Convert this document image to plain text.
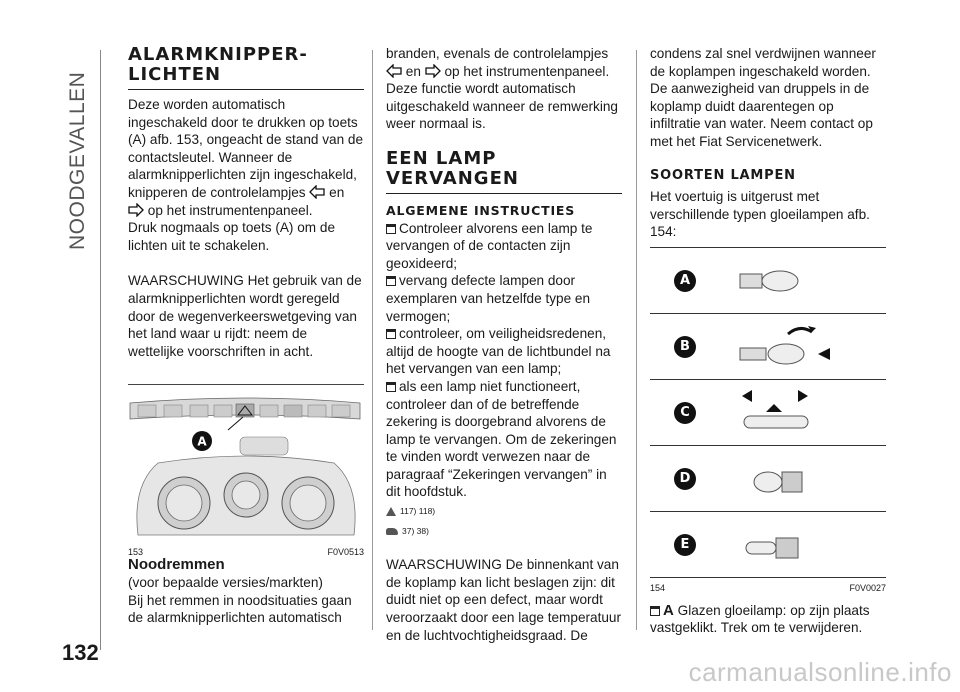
NOODGEVALLEN
132
ALARMKNIPPER-
LICHTEN

Deze worden automatisch ingeschakeld door te drukken op toets (A) afb. 153, ongeacht de stand van de contactsleutel. Wanneer de alarmknipperlichten zijn ingeschakeld, knipperen de controlelampjes en  op het instrumentenpaneel.

Druk nogmaals op toets (A) om de lichten uit te schakelen.

WAARSCHUWING Het gebruik van de alarmknipperlichten wordt geregeld door de wegenverkeerswetgeving van het land waar u rijdt: neem de wettelijke voorschriften in acht.

A
153	F0V0513

Noodremmen

(voor bepaalde versies/markten)

Bij het remmen in noodsituaties gaan de alarmknipperlichten automatisch

branden, evenals de controlelampjes  en op het instrumentenpaneel.

Deze functie wordt automatisch uitgeschakeld wanneer de remwerking weer normaal is.

EEN LAMP VERVANGEN
ALGEMENE INSTRUCTIES

Controleer alvorens een lamp te vervangen of de contacten zijn geoxideerd;

vervang defecte lampen door exemplaren van hetzelfde type en vermogen;

controleer, om veiligheidsredenen, altijd de hoogte van de lichtbundel na het vervangen van een lamp;

als een lamp niet functioneert, controleer dan of de betreffende zekering is doorgebrand alvorens de lamp te vervangen. Om de zekeringen te vinden wordt verwezen naar de paragraaf “Zekeringen vervangen” in dit hoofdstuk.

117) 118)
37) 38)

WAARSCHUWING De binnenkant van de koplamp kan licht beslagen zijn: dit duidt niet op een defect, maar wordt veroorzaakt door een lage temperatuur en de luchtvochtigheidsgraad. De

condens zal snel verdwijnen wanneer de koplampen ingeschakeld worden. De aanwezigheid van druppels in de koplamp duidt daarentegen op infiltratie van water. Neem contact op met het Fiat Servicenetwerk.

SOORTEN LAMPEN

Het voertuig is uitgerust met verschillende typen gloeilampen afb. 154:

A
B
C
D
E
154	F0V0027

A Glazen gloeilamp: op zijn plaats vastgeklikt. Trek om te verwijderen.

carmanualsonline.info
